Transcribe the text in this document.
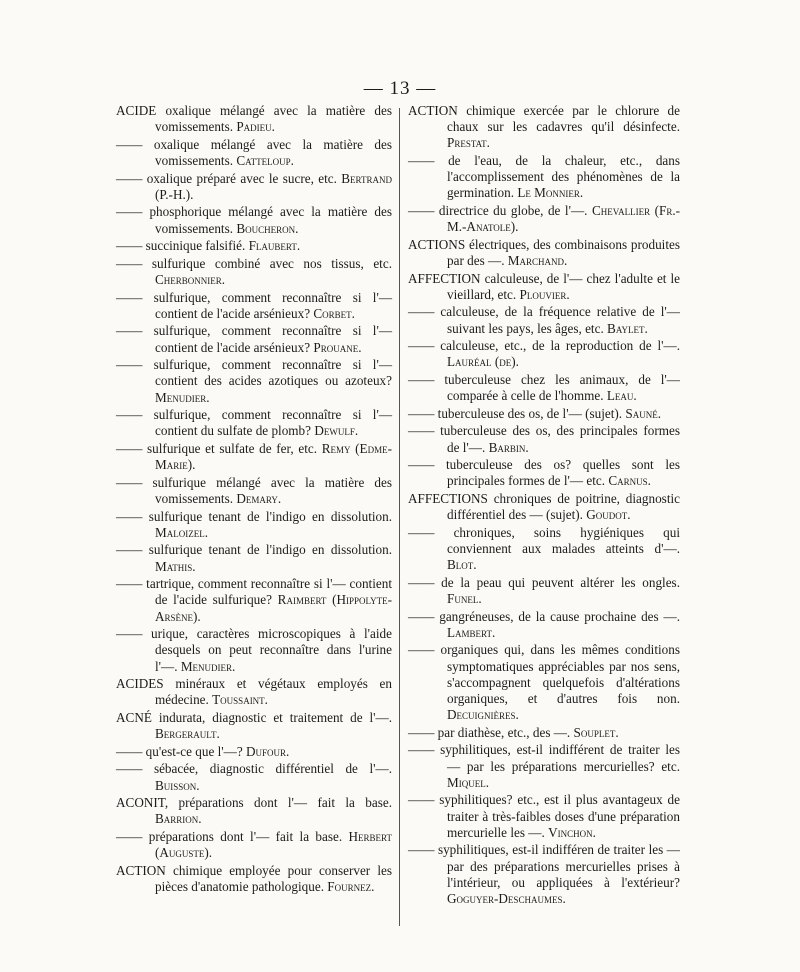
— 13 —
ACIDE oxalique mélangé avec la matière des vomissements. Padieu.
—— oxalique mélangé avec la matière des vomissements. Catteloup.
—— oxalique préparé avec le sucre, etc. Bertrand (P.-H.).
—— phosphorique mélangé avec la matière des vomissements. Boucheron.
—— succinique falsifié. Flaubert.
—— sulfurique combiné avec nos tissus, etc. Cherbonnier.
—— sulfurique, comment reconnaître si l'— contient de l'acide arsénieux? Corbet.
—— sulfurique, comment reconnaître si l'— contient de l'acide arsénieux? Prouane.
—— sulfurique, comment reconnaître si l'— contient des acides azotiques ou azoteux? Menudier.
—— sulfurique, comment reconnaître si l'— contient du sulfate de plomb? Dewulf.
—— sulfurique et sulfate de fer, etc. Remy (Edme-Marie).
—— sulfurique mélangé avec la matière des vomissements. Demary.
—— sulfurique tenant de l'indigo en dissolution. Maloizel.
—— sulfurique tenant de l'indigo en dissolution. Mathis.
—— tartrique, comment reconnaître si l'— contient de l'acide sulfurique? Raimbert (Hippolyte-Arsène).
—— urique, caractères microscopiques à l'aide desquels on peut reconnaître dans l'urine l'—. Menudier.
ACIDES minéraux et végétaux employés en médecine. Toussaint.
ACNÉ indurata, diagnostic et traitement de l'—. Bergerault.
—— qu'est-ce que l'—? Dufour.
—— sébacée, diagnostic différentiel de l'—. Buisson.
ACONIT, préparations dont l'— fait la base. Barrion.
—— préparations dont l'— fait la base. Herbert (Auguste).
ACTION chimique employée pour conserver les pièces d'anatomie pathologique. Fournez.
ACTION chimique exercée par le chlorure de chaux sur les cadavres qu'il désinfecte. Prestat.
—— de l'eau, de la chaleur, etc., dans l'accomplissement des phénomènes de la germination. Le Monnier.
—— directrice du globe, de l'—. Chevallier (Fr.-M.-Anatole).
ACTIONS électriques, des combinaisons produites par des —. Marchand.
AFFECTION calculeuse, de l'— chez l'adulte et le vieillard, etc. Plouvier.
—— calculeuse, de la fréquence relative de l'—suivant les pays, les âges, etc. Baylet.
—— calculeuse, etc., de la reproduction de l'—. Lauréal (de).
—— tuberculeuse chez les animaux, de l'— comparée à celle de l'homme. Leau.
—— tuberculeuse des os, de l'— (sujet). Sauné.
—— tuberculeuse des os, des principales formes de l'—. Barbin.
—— tuberculeuse des os? quelles sont les principales formes de l'— etc. Carnus.
AFFECTIONS chroniques de poitrine, diagnostic différentiel des — (sujet). Goudot.
—— chroniques, soins hygiéniques qui conviennent aux malades atteints d'—. Blot.
—— de la peau qui peuvent altérer les ongles. Funel.
—— gangréneuses, de la cause prochaine des —. Lambert.
—— organiques qui, dans les mêmes conditions symptomatiques appréciables par nos sens, s'accompagnent quelquefois d'altérations organiques, et d'autres fois non. Decuignières.
—— par diathèse, etc., des —. Souplet.
—— syphilitiques, est-il indifférent de traiter les — par les préparations mercurielles? etc. Miquel.
—— syphilitiques? etc., est il plus avantageux de traiter à très-faibles doses d'une préparation mercurielle les —. Vinchon.
—— syphilitiques, est-il indifféren de traiter les — par des préparations mercurielles prises à l'intérieur, ou appliquées à l'extérieur? Goguyer-Deschaumes.
